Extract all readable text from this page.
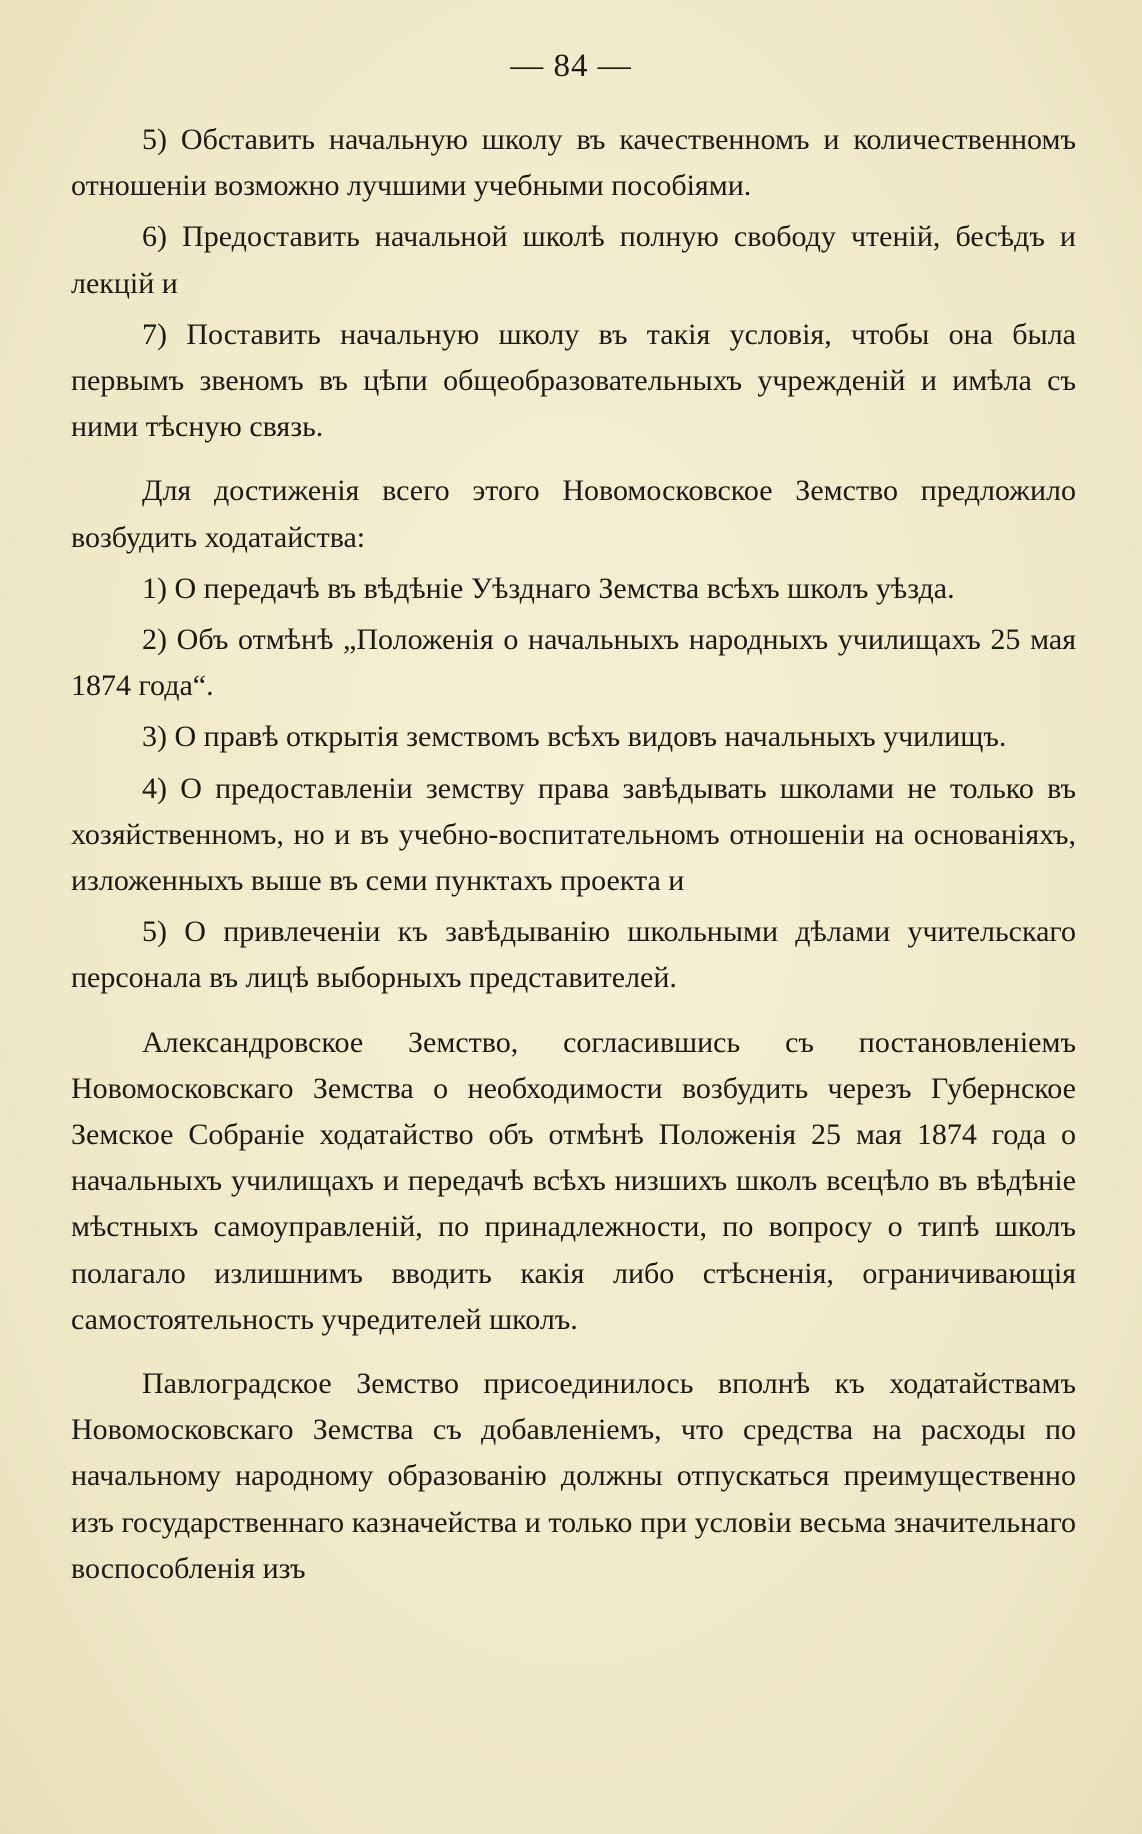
— 84 —

5) Обставить начальную школу въ качественномъ и количественномъ отношеніи возможно лучшими учебными пособіями.

6) Предоставить начальной школѣ полную свободу чтеній, бесѣдъ и лекцій и

7) Поставить начальную школу въ такія условія, чтобы она была первымъ звеномъ въ цѣпи общеобразовательныхъ учрежденій и имѣла съ ними тѣсную связь.

Для достиженія всего этого Новомосковское Земство предложило возбудить ходатайства:

1) О передачѣ въ вѣдѣніе Уѣзднаго Земства всѣхъ школъ уѣзда.

2) Объ отмѣнѣ „Положенія о начальныхъ народныхъ училищахъ 25 мая 1874 года“.

3) О правѣ открытія земствомъ всѣхъ видовъ начальныхъ училищъ.

4) О предоставленіи земству права завѣдывать школами не только въ хозяйственномъ, но и въ учебно-воспитательномъ отношеніи на основаніяхъ, изложенныхъ выше въ семи пунктахъ проекта и

5) О привлеченіи къ завѣдыванію школьными дѣлами учительскаго персонала въ лицѣ выборныхъ представителей.

Александровское Земство, согласившись съ постановленіемъ Новомосковскаго Земства о необходимости возбудить черезъ Губернское Земское Собраніе ходатайство объ отмѣнѣ Положенія 25 мая 1874 года о начальныхъ училищахъ и передачѣ всѣхъ низшихъ школъ всецѣло въ вѣдѣніе мѣстныхъ самоуправленій, по принадлежности, по вопросу о типѣ школъ полагало излишнимъ вводить какія либо стѣсненія, ограничивающія самостоятельность учредителей школъ.

Павлоградское Земство присоединилось вполнѣ къ ходатайствамъ Новомосковскаго Земства съ добавленіемъ, что средства на расходы по начальному народному образованію должны отпускаться преимущественно изъ государственнаго казначейства и только при условіи весьма значительнаго воспособленія изъ
